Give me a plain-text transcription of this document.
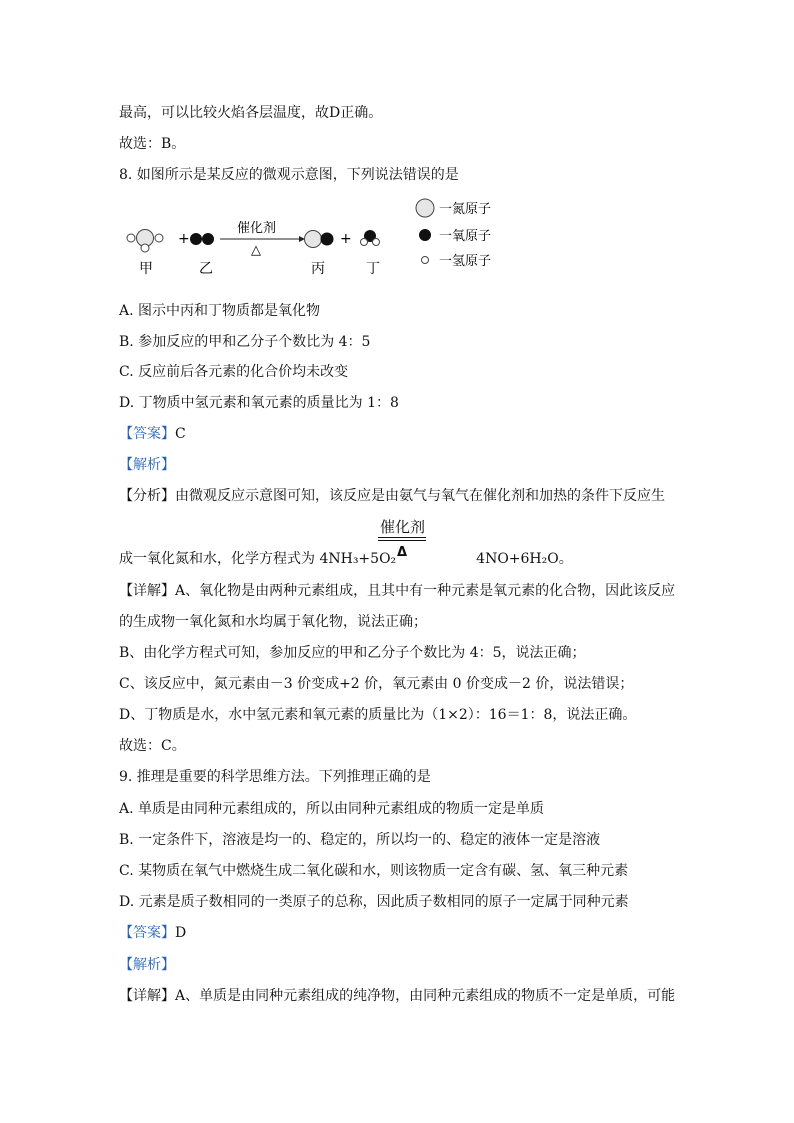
最高，可以比较火焰各层温度，故D正确。
故选：B。
8. 如图所示是某反应的微观示意图，下列说法错误的是
+
催化剂
△
+
甲	乙	丙	丁
一氮原子
一氧原子
一氢原子
A. 图示中丙和丁物质都是氧化物
B. 参加反应的甲和乙分子个数比为 4：5
C. 反应前后各元素的化合价均未改变
D. 丁物质中氢元素和氧元素的质量比为 1：8
【答案】C
【解析】
【分析】由微观反应示意图可知，该反应是由氨气与氧气在催化剂和加热的条件下反应生
催化剂
Δ
成一氧化氮和水，化学方程式为 4NH₃+5O₂	4NO+6H₂O。
【详解】A、氧化物是由两种元素组成，且其中有一种元素是氧元素的化合物，因此该反应
的生成物一氧化氮和水均属于氧化物，说法正确；
B、由化学方程式可知，参加反应的甲和乙分子个数比为 4：5，说法正确；
C、该反应中，氮元素由－3 价变成+2 价，氧元素由 0 价变成－2 价，说法错误；
D、丁物质是水，水中氢元素和氧元素的质量比为（1×2）：16＝1：8，说法正确。
故选：C。
9. 推理是重要的科学思维方法。下列推理正确的是
A. 单质是由同种元素组成的，所以由同种元素组成的物质一定是单质
B. 一定条件下，溶液是均一的、稳定的，所以均一的、稳定的液体一定是溶液
C. 某物质在氧气中燃烧生成二氧化碳和水，则该物质一定含有碳、氢、氧三种元素
D. 元素是质子数相同的一类原子的总称，因此质子数相同的原子一定属于同种元素
【答案】D
【解析】
【详解】A、单质是由同种元素组成的纯净物，由同种元素组成的物质不一定是单质，可能
